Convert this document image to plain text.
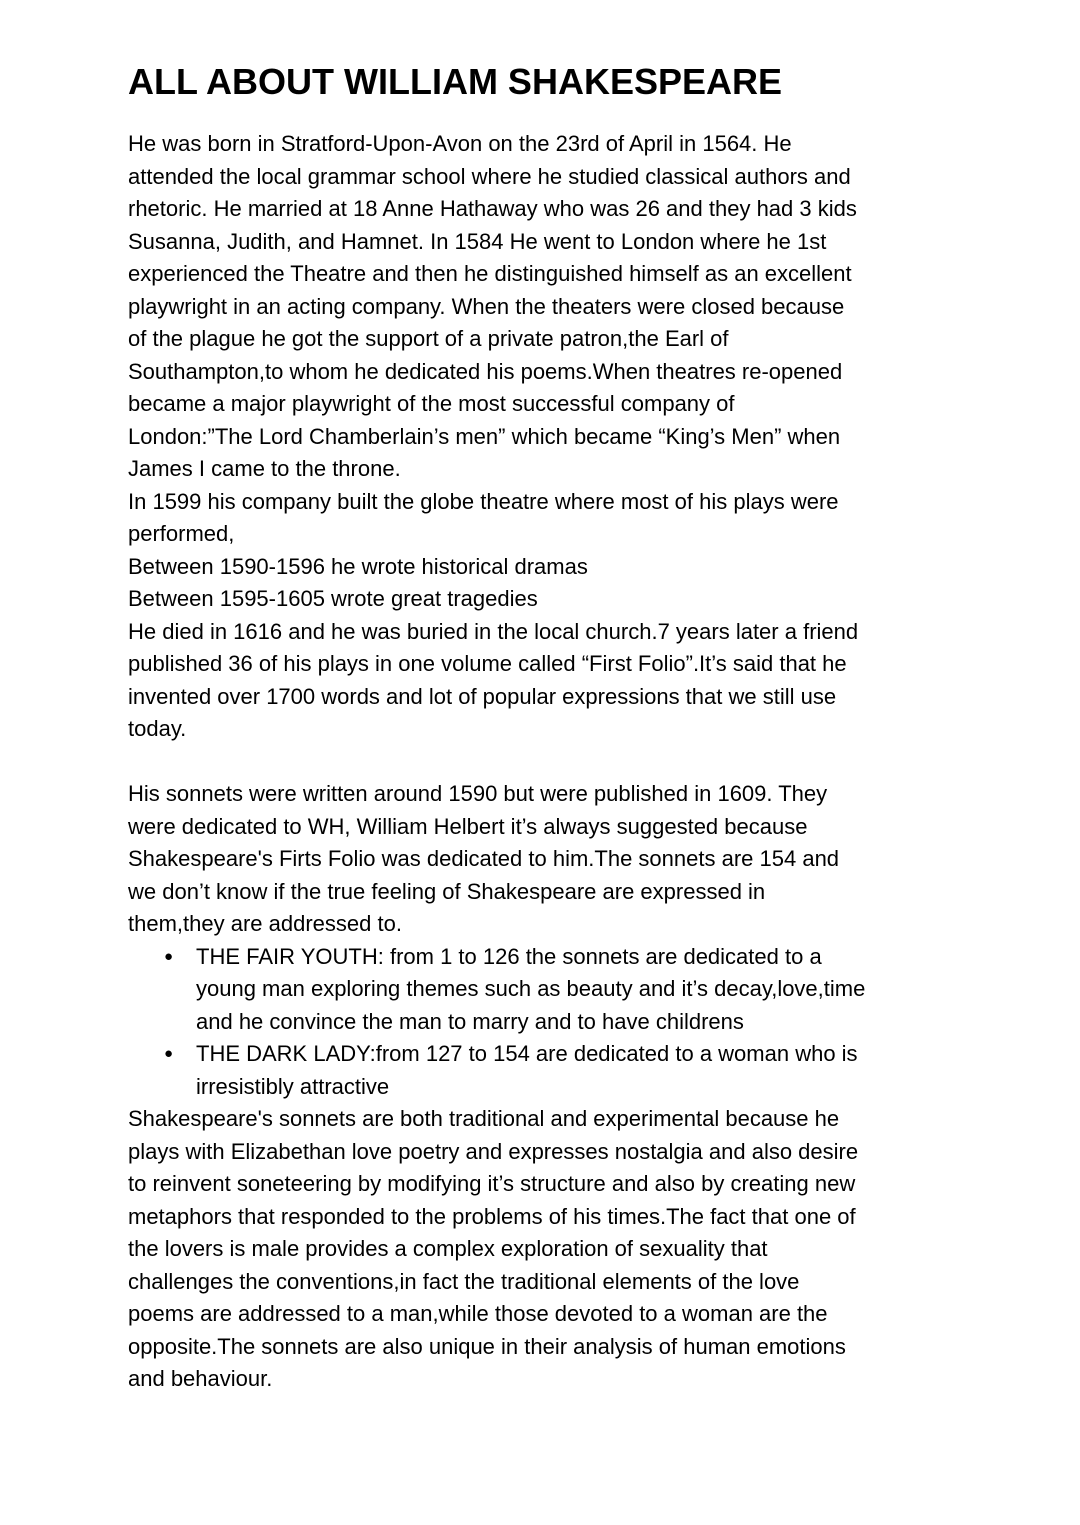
ALL ABOUT WILLIAM SHAKESPEARE
He was born in Stratford-Upon-Avon on the 23rd of April in 1564. He
attended the local grammar school where he studied classical authors and
rhetoric. He married at 18 Anne Hathaway who was 26 and they had 3 kids
Susanna, Judith, and Hamnet. In 1584 He went to London where he 1st
experienced the Theatre and then he distinguished himself as an excellent
playwright in an acting company. When the theaters were closed because
of the plague he got the support of a private patron,the Earl of
Southampton,to whom he dedicated his poems.When theatres re-opened
became a major playwright of the most successful company of
London:”The Lord Chamberlain’s men” which became “King’s Men” when
James I came to the throne.
In 1599 his company built the globe theatre where most of his plays were
performed,
Between 1590-1596 he wrote historical dramas
Between 1595-1605 wrote great tragedies
He died in 1616 and he was buried in the local church.7 years later a friend
published 36 of his plays in one volume called “First Folio”.It’s said that he
invented over 1700 words and lot of popular expressions that we still use
today.

His sonnets were written around 1590 but were published in 1609. They
were dedicated to WH, William Helbert it’s always suggested because
Shakespeare's Firts Folio was dedicated to him.The sonnets are 154 and
we don’t know if the true feeling of Shakespeare are expressed in
them,they are addressed to.
●	THE FAIR YOUTH: from 1 to 126 the sonnets are dedicated to a
young man exploring themes such as beauty and it’s decay,love,time
and he convince the man to marry and to have childrens
●	THE DARK LADY:from 127 to 154 are dedicated to a woman who is
irresistibly attractive
Shakespeare's sonnets are both traditional and experimental because he
plays with Elizabethan love poetry and expresses nostalgia and also desire
to reinvent soneteering by modifying it’s structure and also by creating new
metaphors that responded to the problems of his times.The fact that one of
the lovers is male provides a complex exploration of sexuality that
challenges the conventions,in fact the traditional elements of the love
poems are addressed to a man,while those devoted to a woman are the
opposite.The sonnets are also unique in their analysis of human emotions
and behaviour.
